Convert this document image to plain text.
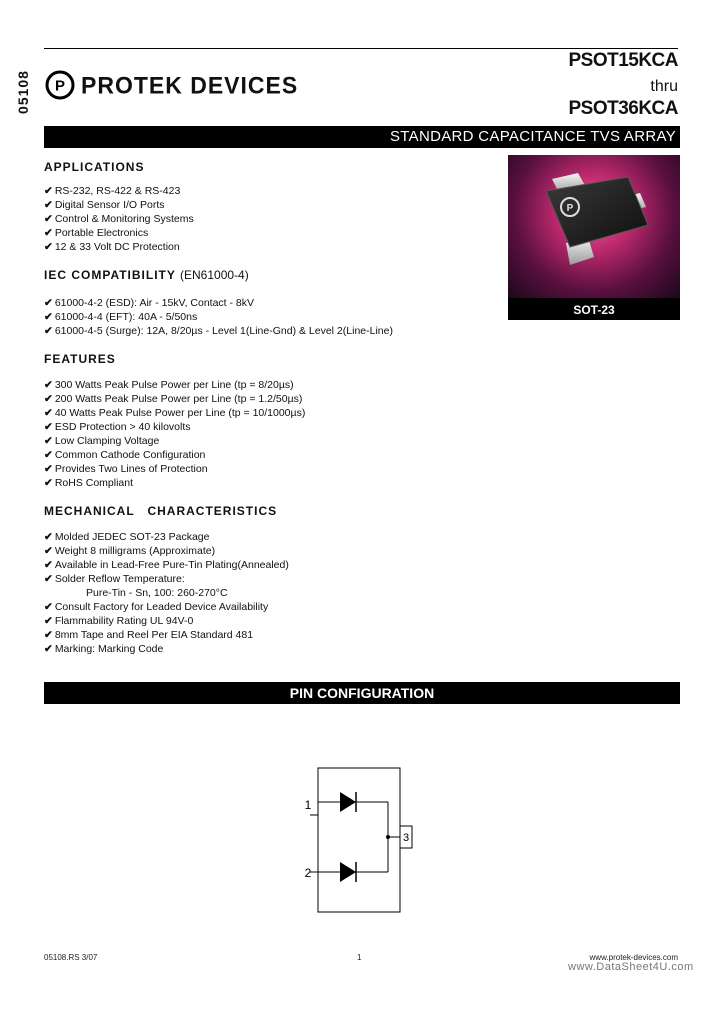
05108 P PROTEK DEVICES
PSOT15KCA
thru
PSOT36KCA
STANDARD CAPACITANCE TVS ARRAY
APPLICATIONS
✔ RS-232, RS-422 & RS-423
✔ Digital Sensor I/O Ports
✔ Control & Monitoring Systems
✔ Portable Electronics
✔ 12 & 33 Volt DC Protection
IEC COMPATIBILITY (EN61000-4)
✔ 61000-4-2 (ESD): Air - 15kV, Contact - 8kV
✔ 61000-4-4 (EFT): 40A - 5/50ns
✔ 61000-4-5 (Surge): 12A, 8/20µs - Level 1(Line-Gnd) & Level 2(Line-Line)
FEATURES
✔ 300 Watts Peak Pulse Power per Line (tp = 8/20µs)
✔ 200 Watts Peak Pulse Power per Line (tp = 1.2/50µs)
✔ 40 Watts Peak Pulse Power per Line (tp = 10/1000µs)
✔ ESD Protection > 40 kilovolts
✔ Low Clamping Voltage
✔ Common Cathode Configuration
✔ Provides Two Lines of Protection
✔ RoHS Compliant
MECHANICAL   CHARACTERISTICS
✔ Molded JEDEC SOT-23 Package
✔ Weight 8 milligrams (Approximate)
✔ Available in Lead-Free Pure-Tin Plating(Annealed)
✔ Solder Reflow Temperature:
Pure-Tin - Sn, 100: 260-270°C
✔ Consult Factory for Leaded Device Availability
✔ Flammability Rating UL 94V-0
✔ 8mm Tape and Reel Per EIA Standard 481
✔ Marking: Marking Code
P
SOT-23
PIN CONFIGURATION
1
2
3
05108.RS 3/07	1	www.protek-devices.com
www.DataSheet4U.com
